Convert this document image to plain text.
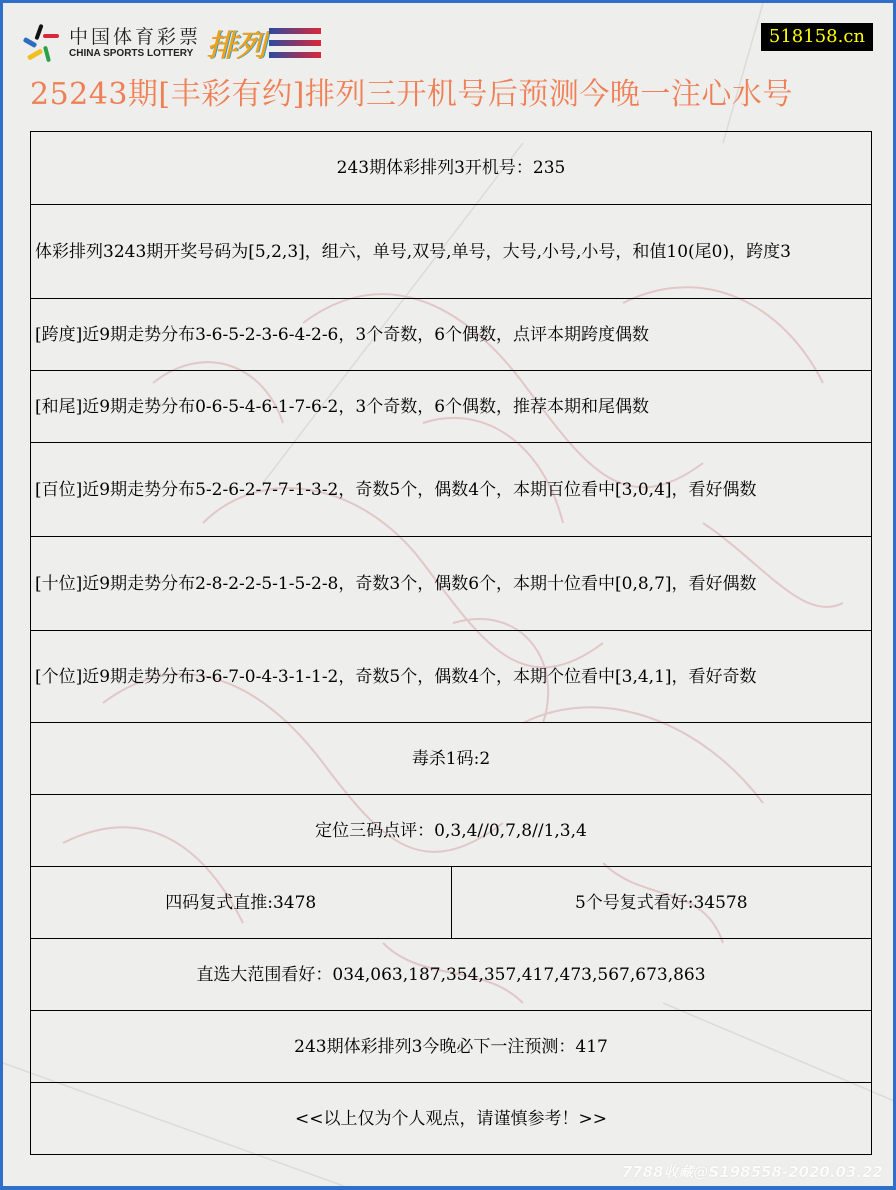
中国体育彩票
CHINA SPORTS LOTTERY 排列	518158.cn
25243期[丰彩有约]排列三开机号后预测今晚一注心水号
243期体彩排列3开机号：235
体彩排列3243期开奖号码为[5,2,3]，组六，单号,双号,单号，大号,小号,小号，和值10(尾0)，跨度3
[跨度]近9期走势分布3-6-5-2-3-6-4-2-6，3个奇数，6个偶数，点评本期跨度偶数
[和尾]近9期走势分布0-6-5-4-6-1-7-6-2，3个奇数，6个偶数，推荐本期和尾偶数
[百位]近9期走势分布5-2-6-2-7-7-1-3-2，奇数5个，偶数4个，本期百位看中[3,0,4]，看好偶数
[十位]近9期走势分布2-8-2-2-5-1-5-2-8，奇数3个，偶数6个，本期十位看中[0,8,7]，看好偶数
[个位]近9期走势分布3-6-7-0-4-3-1-1-2，奇数5个，偶数4个，本期个位看中[3,4,1]，看好奇数
毒杀1码:2
定位三码点评：0,3,4//0,7,8//1,3,4
四码复式直推:3478	5个号复式看好:34578
直选大范围看好：034,063,187,354,357,417,473,567,673,863
243期体彩排列3今晚必下一注预测：417
<<以上仅为个人观点，请谨慎参考！>>
7788收藏@S198558-2020.03.22
